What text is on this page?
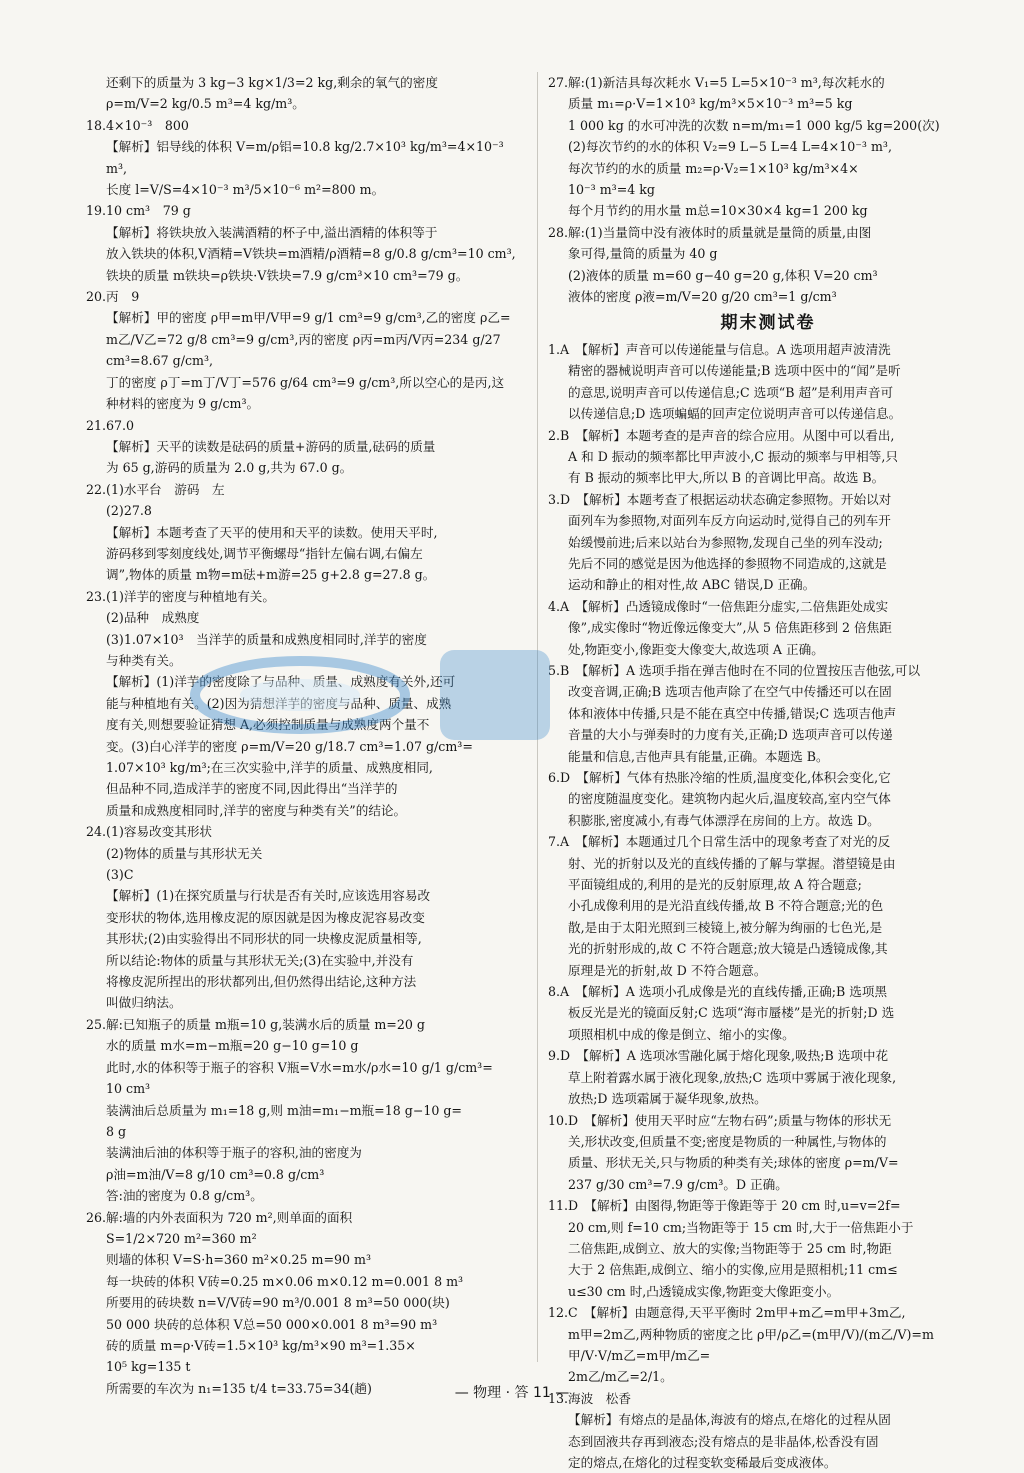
还剩下的质量为 3 kg−3 kg×1/3=2 kg,剩余的氧气的密度

ρ=m/V=2 kg/0.5 m³=4 kg/m³。

18.4×10⁻³　800

【解析】铝导线的体积 V=m/ρ铝=10.8 kg/2.7×10³ kg/m³=4×10⁻³ m³,

长度 l=V/S=4×10⁻³ m³/5×10⁻⁶ m²=800 m。

19.10 cm³　79 g

【解析】将铁块放入装满酒精的杯子中,溢出酒精的体积等于

放入铁块的体积,V酒精=V铁块=m酒精/ρ酒精=8 g/0.8 g/cm³=10 cm³,

铁块的质量 m铁块=ρ铁块·V铁块=7.9 g/cm³×10 cm³=79 g。

20.丙　9

【解析】甲的密度 ρ甲=m甲/V甲=9 g/1 cm³=9 g/cm³,乙的密度 ρ乙=

m乙/V乙=72 g/8 cm³=9 g/cm³,丙的密度 ρ丙=m丙/V丙=234 g/27 cm³=8.67 g/cm³,

丁的密度 ρ丁=m丁/V丁=576 g/64 cm³=9 g/cm³,所以空心的是丙,这

种材料的密度为 9 g/cm³。

21.67.0

【解析】天平的读数是砝码的质量+游码的质量,砝码的质量

为 65 g,游码的质量为 2.0 g,共为 67.0 g。

22.(1)水平台　游码　左

(2)27.8

【解析】本题考查了天平的使用和天平的读数。使用天平时,

游码移到零刻度线处,调节平衡螺母“指针左偏右调,右偏左

调”,物体的质量 m物=m砝+m游=25 g+2.8 g=27.8 g。

23.(1)洋芋的密度与种植地有关。

(2)品种　成熟度

(3)1.07×10³　当洋芋的质量和成熟度相同时,洋芋的密度

与种类有关。

【解析】(1)洋芋的密度除了与品种、质量、成熟度有关外,还可

能与种植地有关。(2)因为猜想洋芋的密度与品种、质量、成熟

度有关,则想要验证猜想 A,必须控制质量与成熟度两个量不

变。(3)白心洋芋的密度 ρ=m/V=20 g/18.7 cm³=1.07 g/cm³=

1.07×10³ kg/m³;在三次实验中,洋芋的质量、成熟度相同,

但品种不同,造成洋芋的密度不同,因此得出“当洋芋的

质量和成熟度相同时,洋芋的密度与种类有关”的结论。

24.(1)容易改变其形状

(2)物体的质量与其形状无关

(3)C

【解析】(1)在探究质量与行状是否有关时,应该选用容易改

变形状的物体,选用橡皮泥的原因就是因为橡皮泥容易改变

其形状;(2)由实验得出不同形状的同一块橡皮泥质量相等,

所以结论:物体的质量与其形状无关;(3)在实验中,并没有

将橡皮泥所捏出的形状都列出,但仍然得出结论,这种方法

叫做归纳法。

25.解:已知瓶子的质量 m瓶=10 g,装满水后的质量 m=20 g

水的质量 m水=m−m瓶=20 g−10 g=10 g

此时,水的体积等于瓶子的容积 V瓶=V水=m水/ρ水=10 g/1 g/cm³=

10 cm³

装满油后总质量为 m₁=18 g,则 m油=m₁−m瓶=18 g−10 g=

8 g

装满油后油的体积等于瓶子的容积,油的密度为

ρ油=m油/V=8 g/10 cm³=0.8 g/cm³

答:油的密度为 0.8 g/cm³。

26.解:墙的内外表面积为 720 m²,则单面的面积

S=1/2×720 m²=360 m²

则墙的体积 V=S·h=360 m²×0.25 m=90 m³

每一块砖的体积 V砖=0.25 m×0.06 m×0.12 m=0.001 8 m³

所要用的砖块数 n=V/V砖=90 m³/0.001 8 m³=50 000(块)

50 000 块砖的总体积 V总=50 000×0.001 8 m³=90 m³

砖的质量 m=ρ·V砖=1.5×10³ kg/m³×90 m³=1.35×

10⁵ kg=135 t

所需要的车次为 n₁=135 t/4 t=33.75=34(趟)

27.解:(1)新洁具每次耗水 V₁=5 L=5×10⁻³ m³,每次耗水的

质量 m₁=ρ·V=1×10³ kg/m³×5×10⁻³ m³=5 kg

1 000 kg 的水可冲洗的次数 n=m/m₁=1 000 kg/5 kg=200(次)

(2)每次节约的水的体积 V₂=9 L−5 L=4 L=4×10⁻³ m³,

每次节约的水的质量 m₂=ρ·V₂=1×10³ kg/m³×4×

10⁻³ m³=4 kg

每个月节约的用水量 m总=10×30×4 kg=1 200 kg

28.解:(1)当量筒中没有液体时的质量就是量筒的质量,由图

象可得,量筒的质量为 40 g

(2)液体的质量 m=60 g−40 g=20 g,体积 V=20 cm³

液体的密度 ρ液=m/V=20 g/20 cm³=1 g/cm³

期末测试卷

1.A　【解析】声音可以传递能量与信息。A 选项用超声波清洗

精密的器械说明声音可以传递能量;B 选项中医中的“闻”是听

的意思,说明声音可以传递信息;C 选项“B 超”是利用声音可

以传递信息;D 选项蝙蝠的回声定位说明声音可以传递信息。

2.B　【解析】本题考查的是声音的综合应用。从图中可以看出,

A 和 D 振动的频率都比甲声波小,C 振动的频率与甲相等,只

有 B 振动的频率比甲大,所以 B 的音调比甲高。故选 B。

3.D　【解析】本题考查了根据运动状态确定参照物。开始以对

面列车为参照物,对面列车反方向运动时,觉得自己的列车开

始缓慢前进;后来以站台为参照物,发现自己坐的列车没动;

先后不同的感觉是因为他选择的参照物不同造成的,这就是

运动和静止的相对性,故 ABC 错误,D 正确。

4.A　【解析】凸透镜成像时“一倍焦距分虚实,二倍焦距处成实

像”,成实像时“物近像远像变大”,从 5 倍焦距移到 2 倍焦距

处,物距变小,像距变大像变大,故选项 A 正确。

5.B　【解析】A 选项手指在弹吉他时在不同的位置按压吉他弦,可以

改变音调,正确;B 选项吉他声除了在空气中传播还可以在固

体和液体中传播,只是不能在真空中传播,错误;C 选项吉他声

音量的大小与弹奏时的力度有关,正确;D 选项声音可以传递

能量和信息,吉他声具有能量,正确。本题选 B。

6.D　【解析】气体有热胀冷缩的性质,温度变化,体积会变化,它

的密度随温度变化。建筑物内起火后,温度较高,室内空气体

积膨胀,密度减小,有毒气体漂浮在房间的上方。故选 D。

7.A　【解析】本题通过几个日常生活中的现象考查了对光的反

射、光的折射以及光的直线传播的了解与掌握。潜望镜是由

平面镜组成的,利用的是光的反射原理,故 A 符合题意;

小孔成像利用的是光沿直线传播,故 B 不符合题意;光的色

散,是由于太阳光照到三棱镜上,被分解为绚丽的七色光,是

光的折射形成的,故 C 不符合题意;放大镜是凸透镜成像,其

原理是光的折射,故 D 不符合题意。

8.A　【解析】A 选项小孔成像是光的直线传播,正确;B 选项黑

板反光是光的镜面反射;C 选项“海市蜃楼”是光的折射;D 选

项照相机中成的像是倒立、缩小的实像。

9.D　【解析】A 选项冰雪融化属于熔化现象,吸热;B 选项中花

草上附着露水属于液化现象,放热;C 选项中雾属于液化现象,

放热;D 选项霜属于凝华现象,放热。

10.D　【解析】使用天平时应“左物右码”;质量与物体的形状无

关,形状改变,但质量不变;密度是物质的一种属性,与物体的

质量、形状无关,只与物质的种类有关;球体的密度 ρ=m/V=

237 g/30 cm³=7.9 g/cm³。D 正确。

11.D　【解析】由图得,物距等于像距等于 20 cm 时,u=v=2f=

20 cm,则 f=10 cm;当物距等于 15 cm 时,大于一倍焦距小于

二倍焦距,成倒立、放大的实像;当物距等于 25 cm 时,物距

大于 2 倍焦距,成倒立、缩小的实像,应用是照相机;11 cm≤

u≤30 cm 时,凸透镜成实像,物距变大像距变小。

12.C　【解析】由题意得,天平平衡时 2m甲+m乙=m甲+3m乙,

m甲=2m乙,两种物质的密度之比 ρ甲/ρ乙=(m甲/V)/(m乙/V)=m甲/V·V/m乙=m甲/m乙=

2m乙/m乙=2/1。

13.海波　松香

【解析】有熔点的是晶体,海波有的熔点,在熔化的过程从固

态到固液共存再到液态;没有熔点的是非晶体,松香没有固

定的熔点,在熔化的过程变软变稀最后变成液体。

— 物理 · 答 11 —
